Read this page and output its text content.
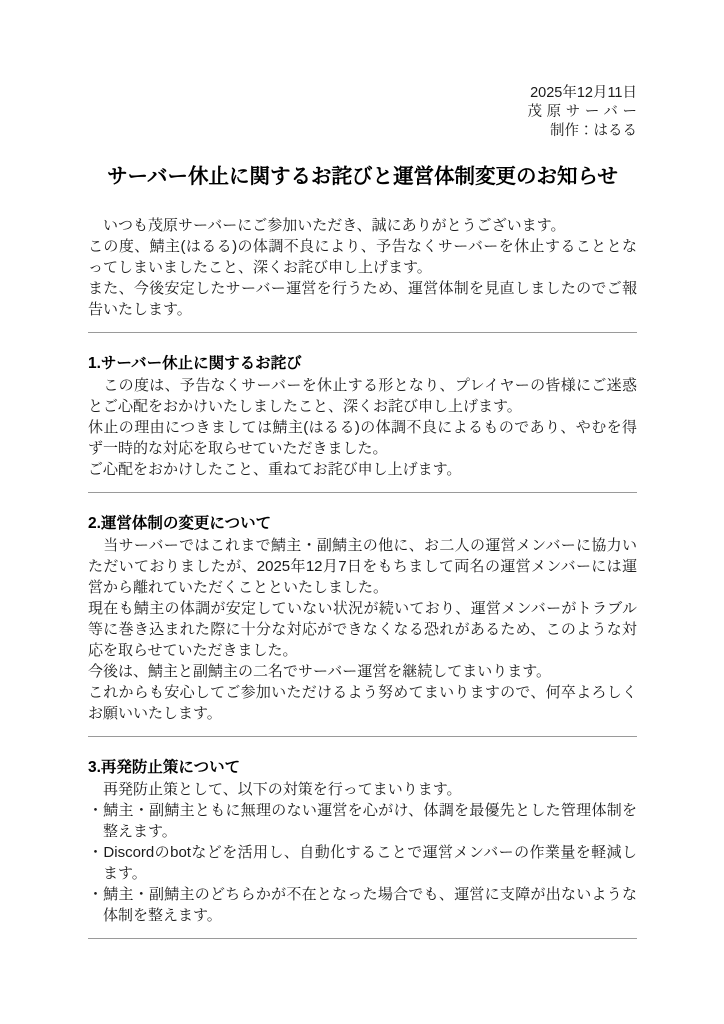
2025年12月11日
茂原サーバー
制作：はるる
サーバー休止に関するお詫びと運営体制変更のお知らせ

　いつも茂原サーバーにご参加いただき、誠にありがとうございます。

この度、鯖主(はるる)の体調不良により、予告なくサーバーを休止することとなってしまいましたこと、深くお詫び申し上げます。

また、今後安定したサーバー運営を行うため、運営体制を見直しましたのでご報告いたします。

1.サーバー休止に関するお詫び

　この度は、予告なくサーバーを休止する形となり、プレイヤーの皆様にご迷惑とご心配をおかけいたしましたこと、深くお詫び申し上げます。

休止の理由につきましては鯖主(はるる)の体調不良によるものであり、やむを得ず一時的な対応を取らせていただきました。

ご心配をおかけしたこと、重ねてお詫び申し上げます。

2.運営体制の変更について

　当サーバーではこれまで鯖主・副鯖主の他に、お二人の運営メンバーに協力いただいておりましたが、2025年12月7日をもちまして両名の運営メンバーには運営から離れていただくことといたしました。

現在も鯖主の体調が安定していない状況が続いており、運営メンバーがトラブル等に巻き込まれた際に十分な対応ができなくなる恐れがあるため、このような対応を取らせていただきました。

今後は、鯖主と副鯖主の二名でサーバー運営を継続してまいります。

これからも安心してご参加いただけるよう努めてまいりますので、何卒よろしくお願いいたします。

3.再発防止策について

　再発防止策として、以下の対策を行ってまいります。

・鯖主・副鯖主ともに無理のない運営を心がけ、体調を最優先とした管理体制を整えます。

・Discordのbotなどを活用し、自動化することで運営メンバーの作業量を軽減します。

・鯖主・副鯖主のどちらかが不在となった場合でも、運営に支障が出ないような体制を整えます。
